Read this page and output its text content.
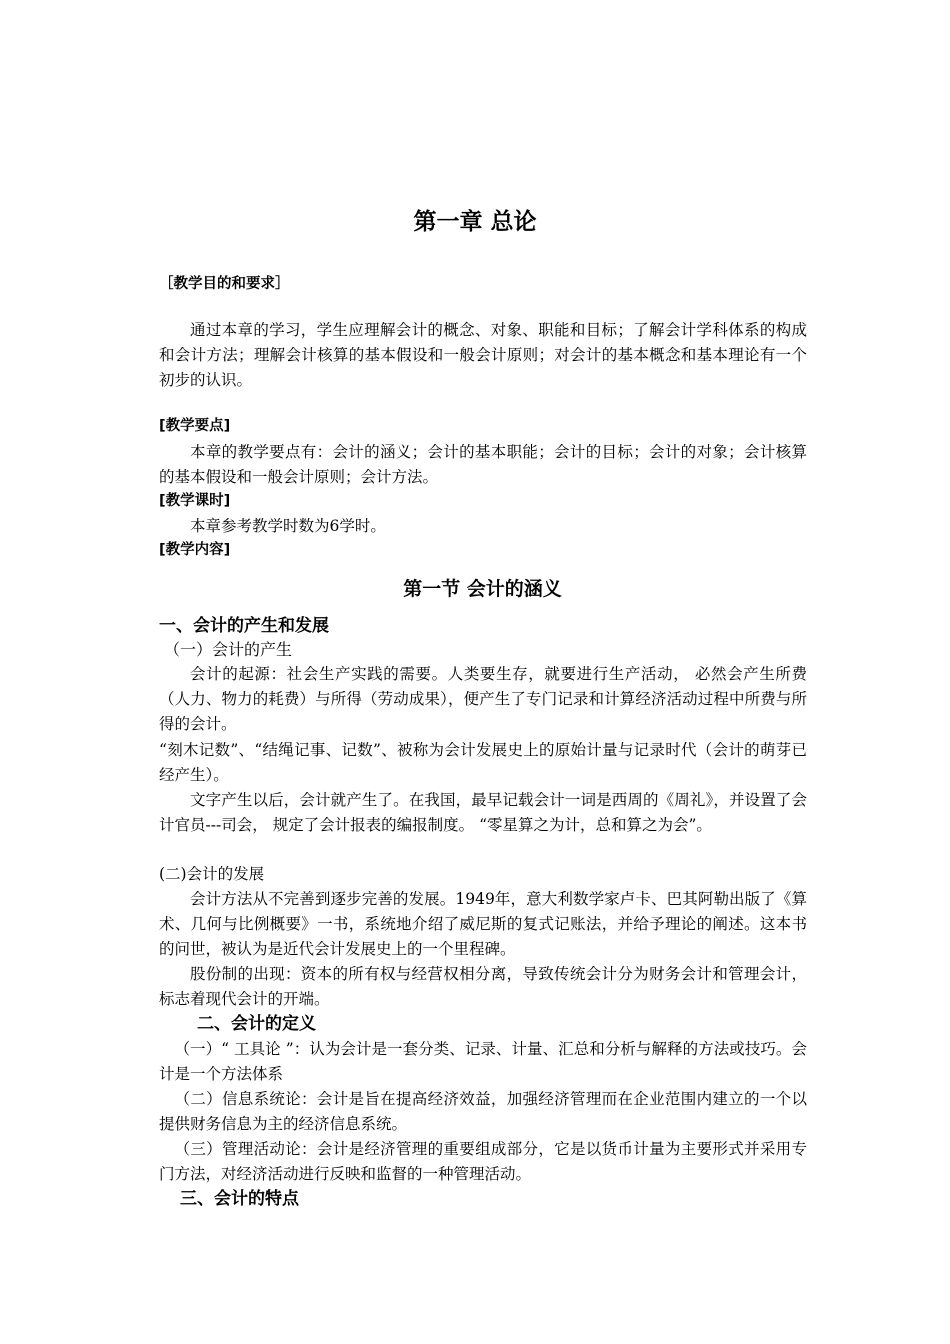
第一章 总论

［教学目的和要求］

通过本章的学习，学生应理解会计的概念、对象、职能和目标；了解会计学科体系的构成和会计方法；理解会计核算的基本假设和一般会计原则；对会计的基本概念和基本理论有一个初步的认识。

[教学要点]

本章的教学要点有：会计的涵义；会计的基本职能；会计的目标；会计的对象；会计核算的基本假设和一般会计原则；会计方法。

[教学课时]

本章参考教学时数为6学时。

[教学内容]

第一节 会计的涵义

一、会计的产生和发展

（一）会计的产生

会计的起源：社会生产实践的需要。人类要生存，就要进行生产活动， 必然会产生所费（人力、物力的耗费）与所得（劳动成果），便产生了专门记录和计算经济活动过程中所费与所得的会计。

“刻木记数”、“结绳记事、记数”、被称为会计发展史上的原始计量与记录时代（会计的萌芽已经产生）。

文字产生以后，会计就产生了。在我国，最早记载会计一词是西周的《周礼》，并设置了会计官员---司会， 规定了会计报表的编报制度。 “零星算之为计，总和算之为会”。

(二)会计的发展

会计方法从不完善到逐步完善的发展。1949年，意大利数学家卢卡、巴其阿勒出版了《算术、几何与比例概要》一书，系统地介绍了威尼斯的复式记账法，并给予理论的阐述。这本书的问世，被认为是近代会计发展史上的一个里程碑。

股份制的出现：资本的所有权与经营权相分离，导致传统会计分为财务会计和管理会计，标志着现代会计的开端。

二、会计的定义

（一）“ 工具论 ”：认为会计是一套分类、记录、计量、汇总和分析与解释的方法或技巧。会计是一个方法体系

（二）信息系统论：会计是旨在提高经济效益，加强经济管理而在企业范围内建立的一个以提供财务信息为主的经济信息系统。

（三）管理活动论：会计是经济管理的重要组成部分，它是以货币计量为主要形式并采用专门方法，对经济活动进行反映和监督的一种管理活动。

三、会计的特点
